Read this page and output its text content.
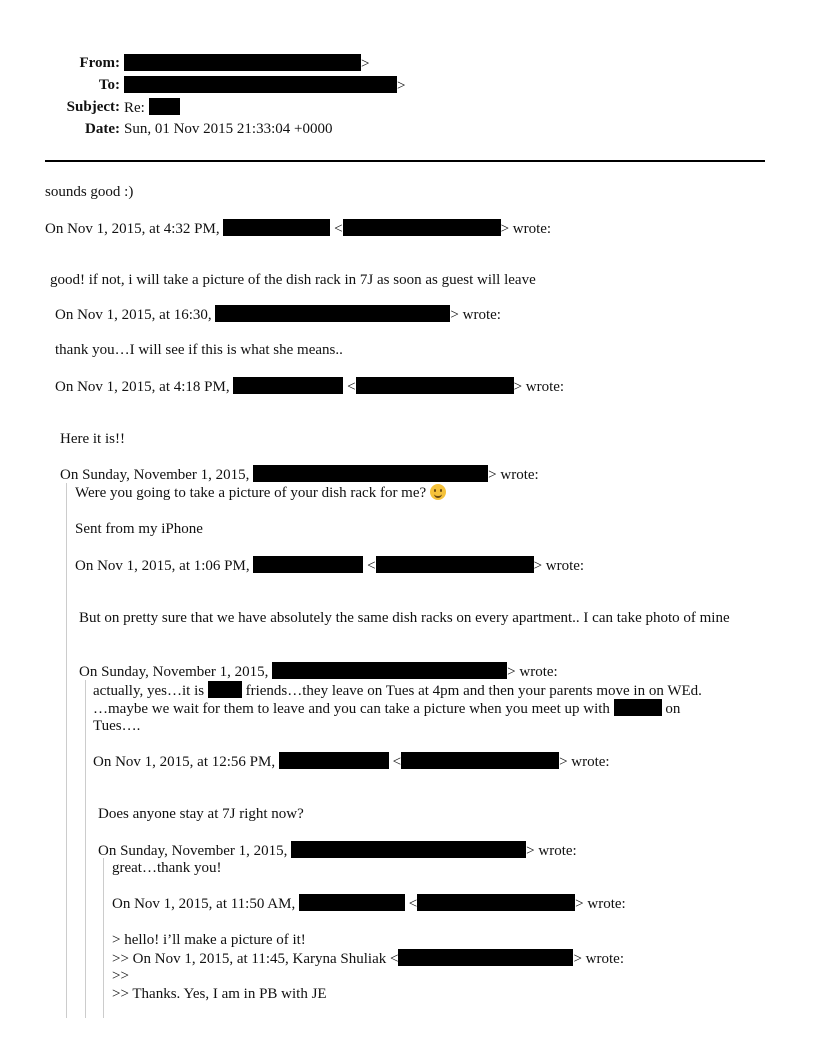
From:	>
To:	>
Subject: Re:
Date: Sun, 01 Nov 2015 21:33:04 +0000
sounds good :)
On Nov 1, 2015, at 4:32 PM,	<	> wrote:
good! if not, i will take a picture of the dish rack in 7J as soon as guest will leave
On Nov 1, 2015, at 16:30,	> wrote:
thank you…I will see if this is what she means..
On Nov 1, 2015, at 4:18 PM,	<	> wrote:
Here it is!!
On Sunday, November 1, 2015,	> wrote:
Were you going to take a picture of your dish rack for me?
Sent from my iPhone
On Nov 1, 2015, at 1:06 PM,	<	> wrote:
But on pretty sure that we have absolutely the same dish racks on every apartment.. I can take photo of mine
On Sunday, November 1, 2015,	> wrote:
actually, yes…it is	friends…they leave on Tues at 4pm and then your parents move in on WEd.
…maybe we wait for them to leave and you can take a picture when you meet up with	on
Tues….
On Nov 1, 2015, at 12:56 PM,	<	> wrote:
Does anyone stay at 7J right now?
On Sunday, November 1, 2015,	> wrote:
great…thank you!
On Nov 1, 2015, at 11:50 AM,	<	> wrote:
> hello! i’ll make a picture of it!
>> On Nov 1, 2015, at 11:45, Karyna Shuliak <	> wrote:
>>
>> Thanks. Yes, I am in PB with JE
